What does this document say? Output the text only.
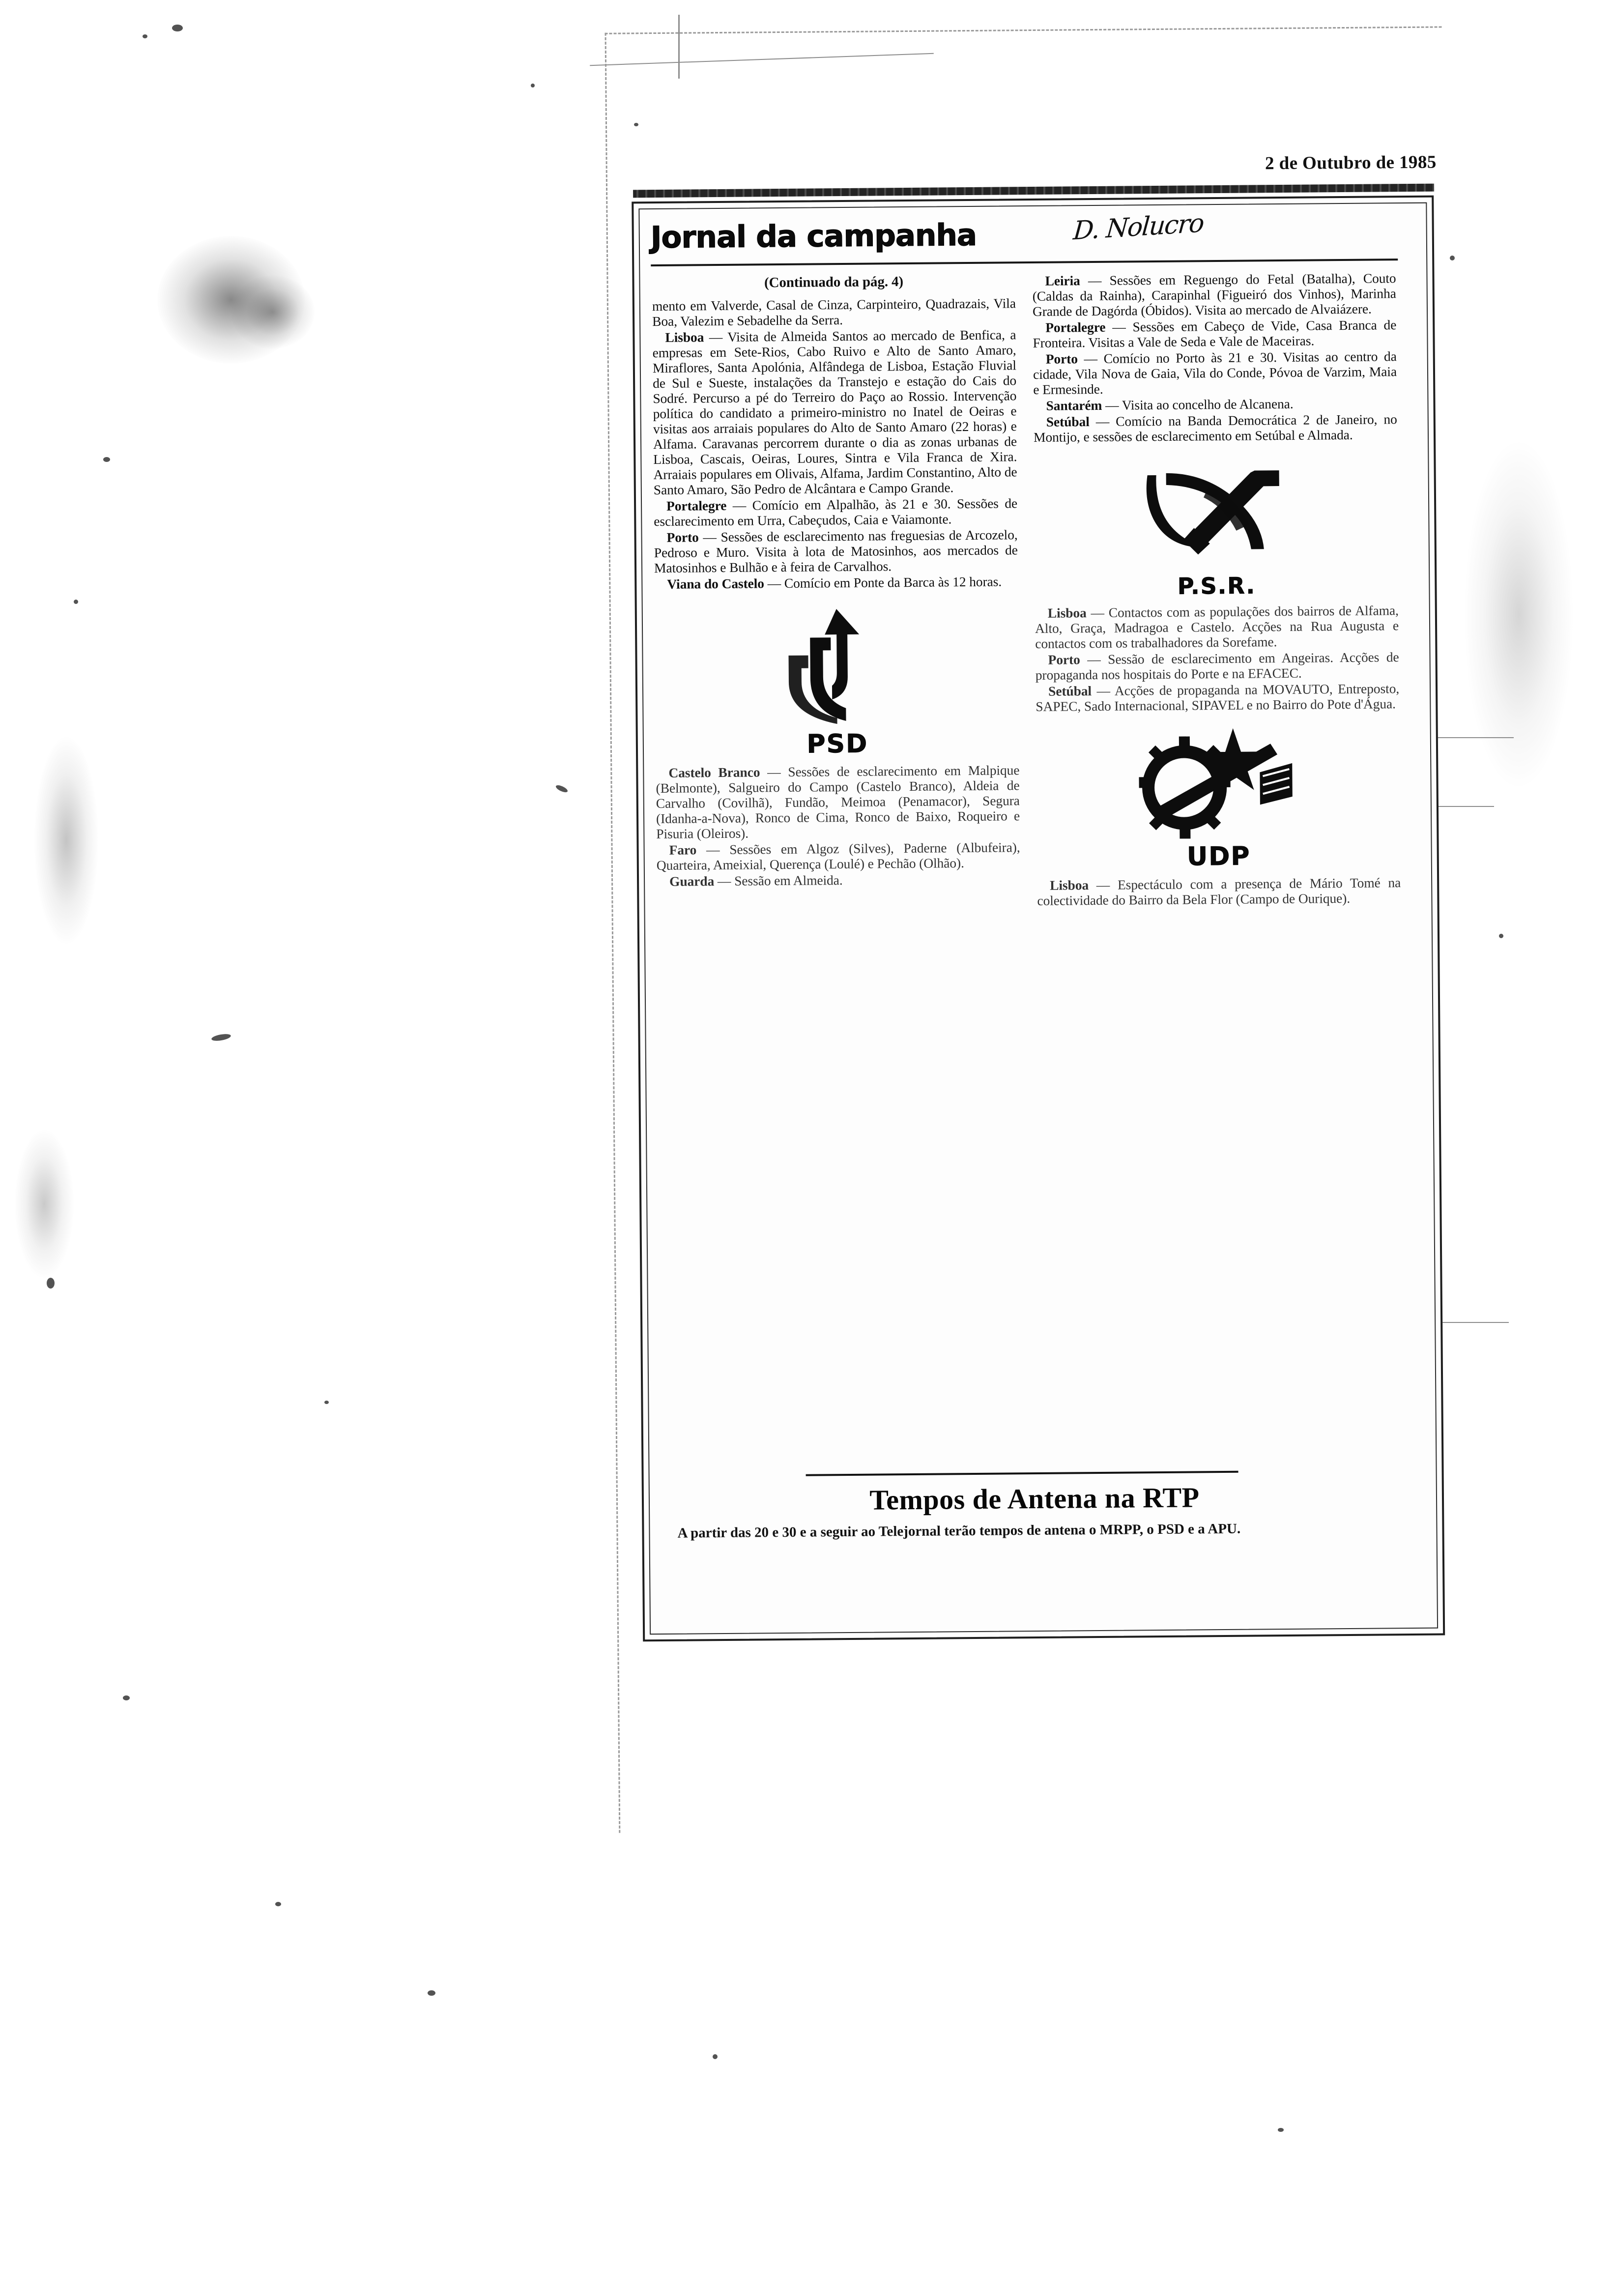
2 de Outubro de 1985
Jornal da campanha	D. Nolucro

(Continuado da pág. 4)

mento em Valverde, Casal de Cinza, Carpinteiro, Quadrazais, Vila Boa, Valezim e Sebadelhe da Serra.

Lisboa — Visita de Almeida Santos ao mercado de Benfica, a empresas em Sete-Rios, Cabo Ruivo e Alto de Santo Amaro, Miraflores, Santa Apolónia, Alfândega de Lisboa, Estação Fluvial de Sul e Sueste, instalações da Transtejo e estação do Cais do Sodré. Percurso a pé do Terreiro do Paço ao Rossio. Intervenção política do candidato a primeiro-ministro no Inatel de Oeiras e visitas aos arraiais populares do Alto de Santo Amaro (22 horas) e Alfama. Caravanas percorrem durante o dia as zonas urbanas de Lisboa, Cascais, Oeiras, Loures, Sintra e Vila Franca de Xira. Arraiais populares em Olivais, Alfama, Jardim Constantino, Alto de Santo Amaro, São Pedro de Alcântara e Campo Grande.

Portalegre — Comício em Alpalhão, às 21 e 30. Sessões de esclarecimento em Urra, Cabeçudos, Caia e Vaiamonte.

Porto — Sessões de esclarecimento nas freguesias de Arcozelo, Pedroso e Muro. Visita à lota de Matosinhos, aos mercados de Matosinhos e Bulhão e à feira de Carvalhos.

Viana do Castelo — Comício em Ponte da Barca às 12 horas.

PSD

Castelo Branco — Sessões de esclarecimento em Malpique (Belmonte), Salgueiro do Campo (Castelo Branco), Aldeia de Carvalho (Covilhã), Fundão, Meimoa (Penamacor), Segura (Idanha-a-Nova), Ronco de Cima, Ronco de Baixo, Roqueiro e Pisuria (Oleiros).

Faro — Sessões em Algoz (Silves), Paderne (Albufeira), Quarteira, Ameixial, Querença (Loulé) e Pechão (Olhão).

Guarda — Sessão em Almeida.

Leiria — Sessões em Reguengo do Fetal (Batalha), Couto (Caldas da Rainha), Carapinhal (Figueiró dos Vinhos), Marinha Grande de Dagórda (Óbidos). Visita ao mercado de Alvaiázere.

Portalegre — Sessões em Cabeço de Vide, Casa Branca de Fronteira. Visitas a Vale de Seda e Vale de Maceiras.

Porto — Comício no Porto às 21 e 30. Visitas ao centro da cidade, Vila Nova de Gaia, Vila do Conde, Póvoa de Varzim, Maia e Ermesinde.

Santarém — Visita ao concelho de Alcanena.

Setúbal — Comício na Banda Democrática 2 de Janeiro, no Montijo, e sessões de esclarecimento em Setúbal e Almada.

P.S.R.

Lisboa — Contactos com as populações dos bairros de Alfama, Alto, Graça, Madragoa e Castelo. Acções na Rua Augusta e contactos com os trabalhadores da Sorefame.

Porto — Sessão de esclarecimento em Angeiras. Acções de propaganda nos hospitais do Porte e na EFACEC.

Setúbal — Acções de propaganda na MOVAUTO, Entreposto, SAPEC, Sado Internacional, SIPAVEL e no Bairro do Pote d'Água.

UDP

Lisboa — Espectáculo com a presença de Mário Tomé na colectividade do Bairro da Bela Flor (Campo de Ourique).

Tempos de Antena na RTP
A partir das 20 e 30 e a seguir ao Telejornal terão tempos de antena o MRPP, o PSD e a APU.
